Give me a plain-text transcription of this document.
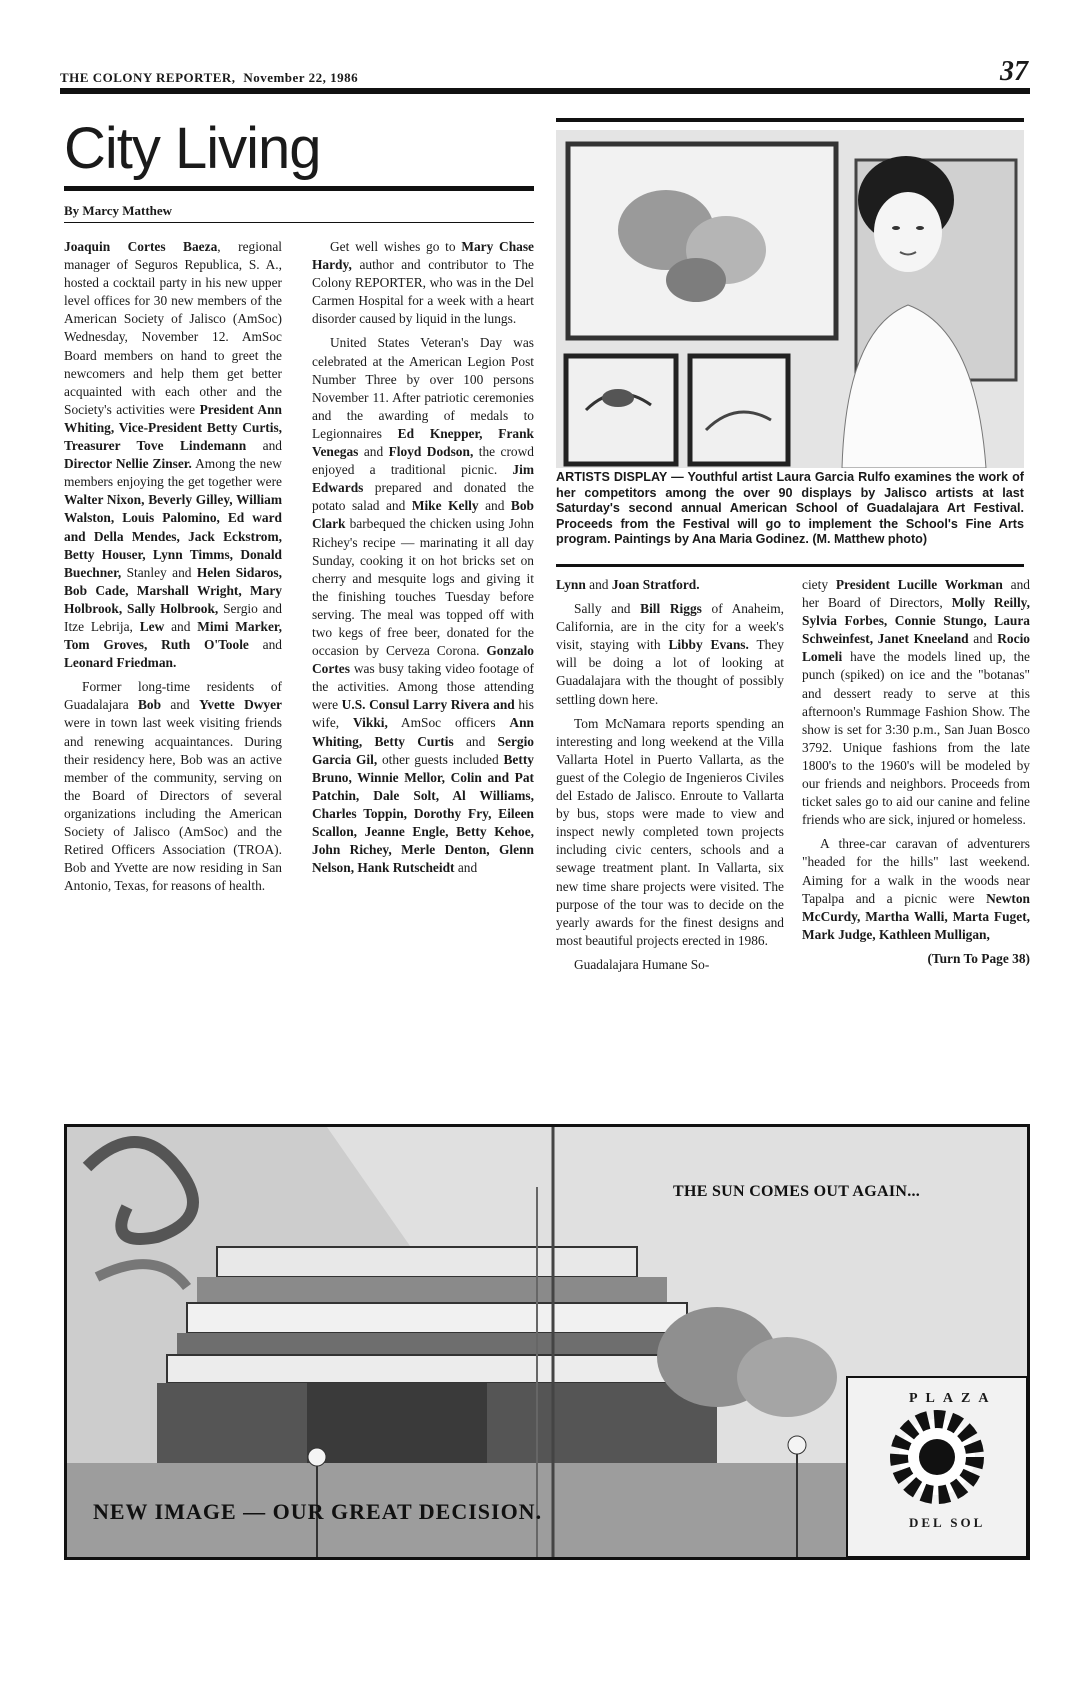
THE COLONY REPORTER, November 22, 1986	37
City Living
By Marcy Matthew
ARTISTS DISPLAY — Youthful artist Laura Garcia Rulfo examines the work of her competitors among the over 90 displays by Jalisco artists at last Saturday's second annual American School of Guadalajara Art Festival. Proceeds from the Festival will go to implement the School's Fine Arts program. Paintings by Ana Maria Godinez. (M. Matthew photo)

Joaquin Cortes Baeza, regional manager of Seguros Republica, S. A., hosted a cocktail party in his new upper level offices for 30 new members of the American Society of Jalisco (AmSoc) Wednesday, November 12. AmSoc Board members on hand to greet the newcomers and help them get better acquainted with each other and the Society's activities were President Ann Whiting, Vice-President Betty Curtis, Treasurer Tove Lindemann and Director Nellie Zinser. Among the new members enjoying the get together were Walter Nixon, Beverly Gilley, William Walston, Louis Palomino, Ed ward and Della Mendes, Jack Eckstrom, Betty Houser, Lynn Timms, Donald Buechner, Stanley and Helen Sidaros, Bob Cade, Marshall Wright, Mary Holbrook, Sally Holbrook, Sergio and Itze Lebrija, Lew and Mimi Marker, Tom Groves, Ruth O'Toole and Leonard Friedman.

Former long-time residents of Guadalajara Bob and Yvette Dwyer were in town last week visiting friends and renewing acquaintances. During their residency here, Bob was an active member of the community, serving on the Board of Directors of several organizations including the American Society of Jalisco (AmSoc) and the Retired Officers Association (TROA). Bob and Yvette are now residing in San Antonio, Texas, for reasons of health.

Get well wishes go to Mary Chase Hardy, author and contributor to The Colony REPORTER, who was in the Del Carmen Hospital for a week with a heart disorder caused by liquid in the lungs.

United States Veteran's Day was celebrated at the American Legion Post Number Three by over 100 persons November 11. After patriotic ceremonies and the awarding of medals to Legionnaires Ed Knepper, Frank Venegas and Floyd Dodson, the crowd enjoyed a traditional picnic. Jim Edwards prepared and donated the potato salad and Mike Kelly and Bob Clark barbequed the chicken using John Richey's recipe — marinating it all day Sunday, cooking it on hot bricks set on cherry and mesquite logs and giving it the finishing touches Tuesday before serving. The meal was topped off with two kegs of free beer, donated for the occasion by Cerveza Corona. Gonzalo Cortes was busy taking video footage of the activities. Among those attending were U.S. Consul Larry Rivera and his wife, Vikki, AmSoc officers Ann Whiting, Betty Curtis and Sergio Garcia Gil, other guests included Betty Bruno, Winnie Mellor, Colin and Pat Patchin, Dale Solt, Al Williams, Charles Toppin, Dorothy Fry, Eileen Scallon, Jeanne Engle, Betty Kehoe, John Richey, Merle Denton, Glenn Nelson, Hank Rutscheidt and

Lynn and Joan Stratford.

Sally and Bill Riggs of Anaheim, California, are in the city for a week's visit, staying with Libby Evans. They will be doing a lot of looking at Guadalajara with the thought of possibly settling down here.

Tom McNamara reports spending an interesting and long weekend at the Villa Vallarta Hotel in Puerto Vallarta, as the guest of the Colegio de Ingenieros Civiles del Estado de Jalisco. Enroute to Vallarta by bus, stops were made to view and inspect newly completed town projects including civic centers, schools and a sewage treatment plant. In Vallarta, six new time share projects were visited. The purpose of the tour was to decide on the yearly awards for the finest designs and most beautiful projects erected in 1986.

Guadalajara Humane So-

ciety President Lucille Workman and her Board of Directors, Molly Reilly, Sylvia Forbes, Connie Stungo, Laura Schweinfest, Janet Kneeland and Rocio Lomeli have the models lined up, the punch (spiked) on ice and the "botanas" and dessert ready to serve at this afternoon's Rummage Fashion Show. The show is set for 3:30 p.m., San Juan Bosco 3792. Unique fashions from the late 1800's to the 1960's will be modeled by our friends and neighbors. Proceeds from ticket sales go to aid our canine and feline friends who are sick, injured or homeless.

A three-car caravan of adventurers "headed for the hills" last weekend. Aiming for a walk in the woods near Tapalpa and a picnic were Newton McCurdy, Martha Walli, Marta Fuget, Mark Judge, Kathleen Mulligan,

(Turn To Page 38)

THE SUN COMES OUT AGAIN...
NEW IMAGE — OUR GREAT DECISION.
PLAZA
DEL SOL
